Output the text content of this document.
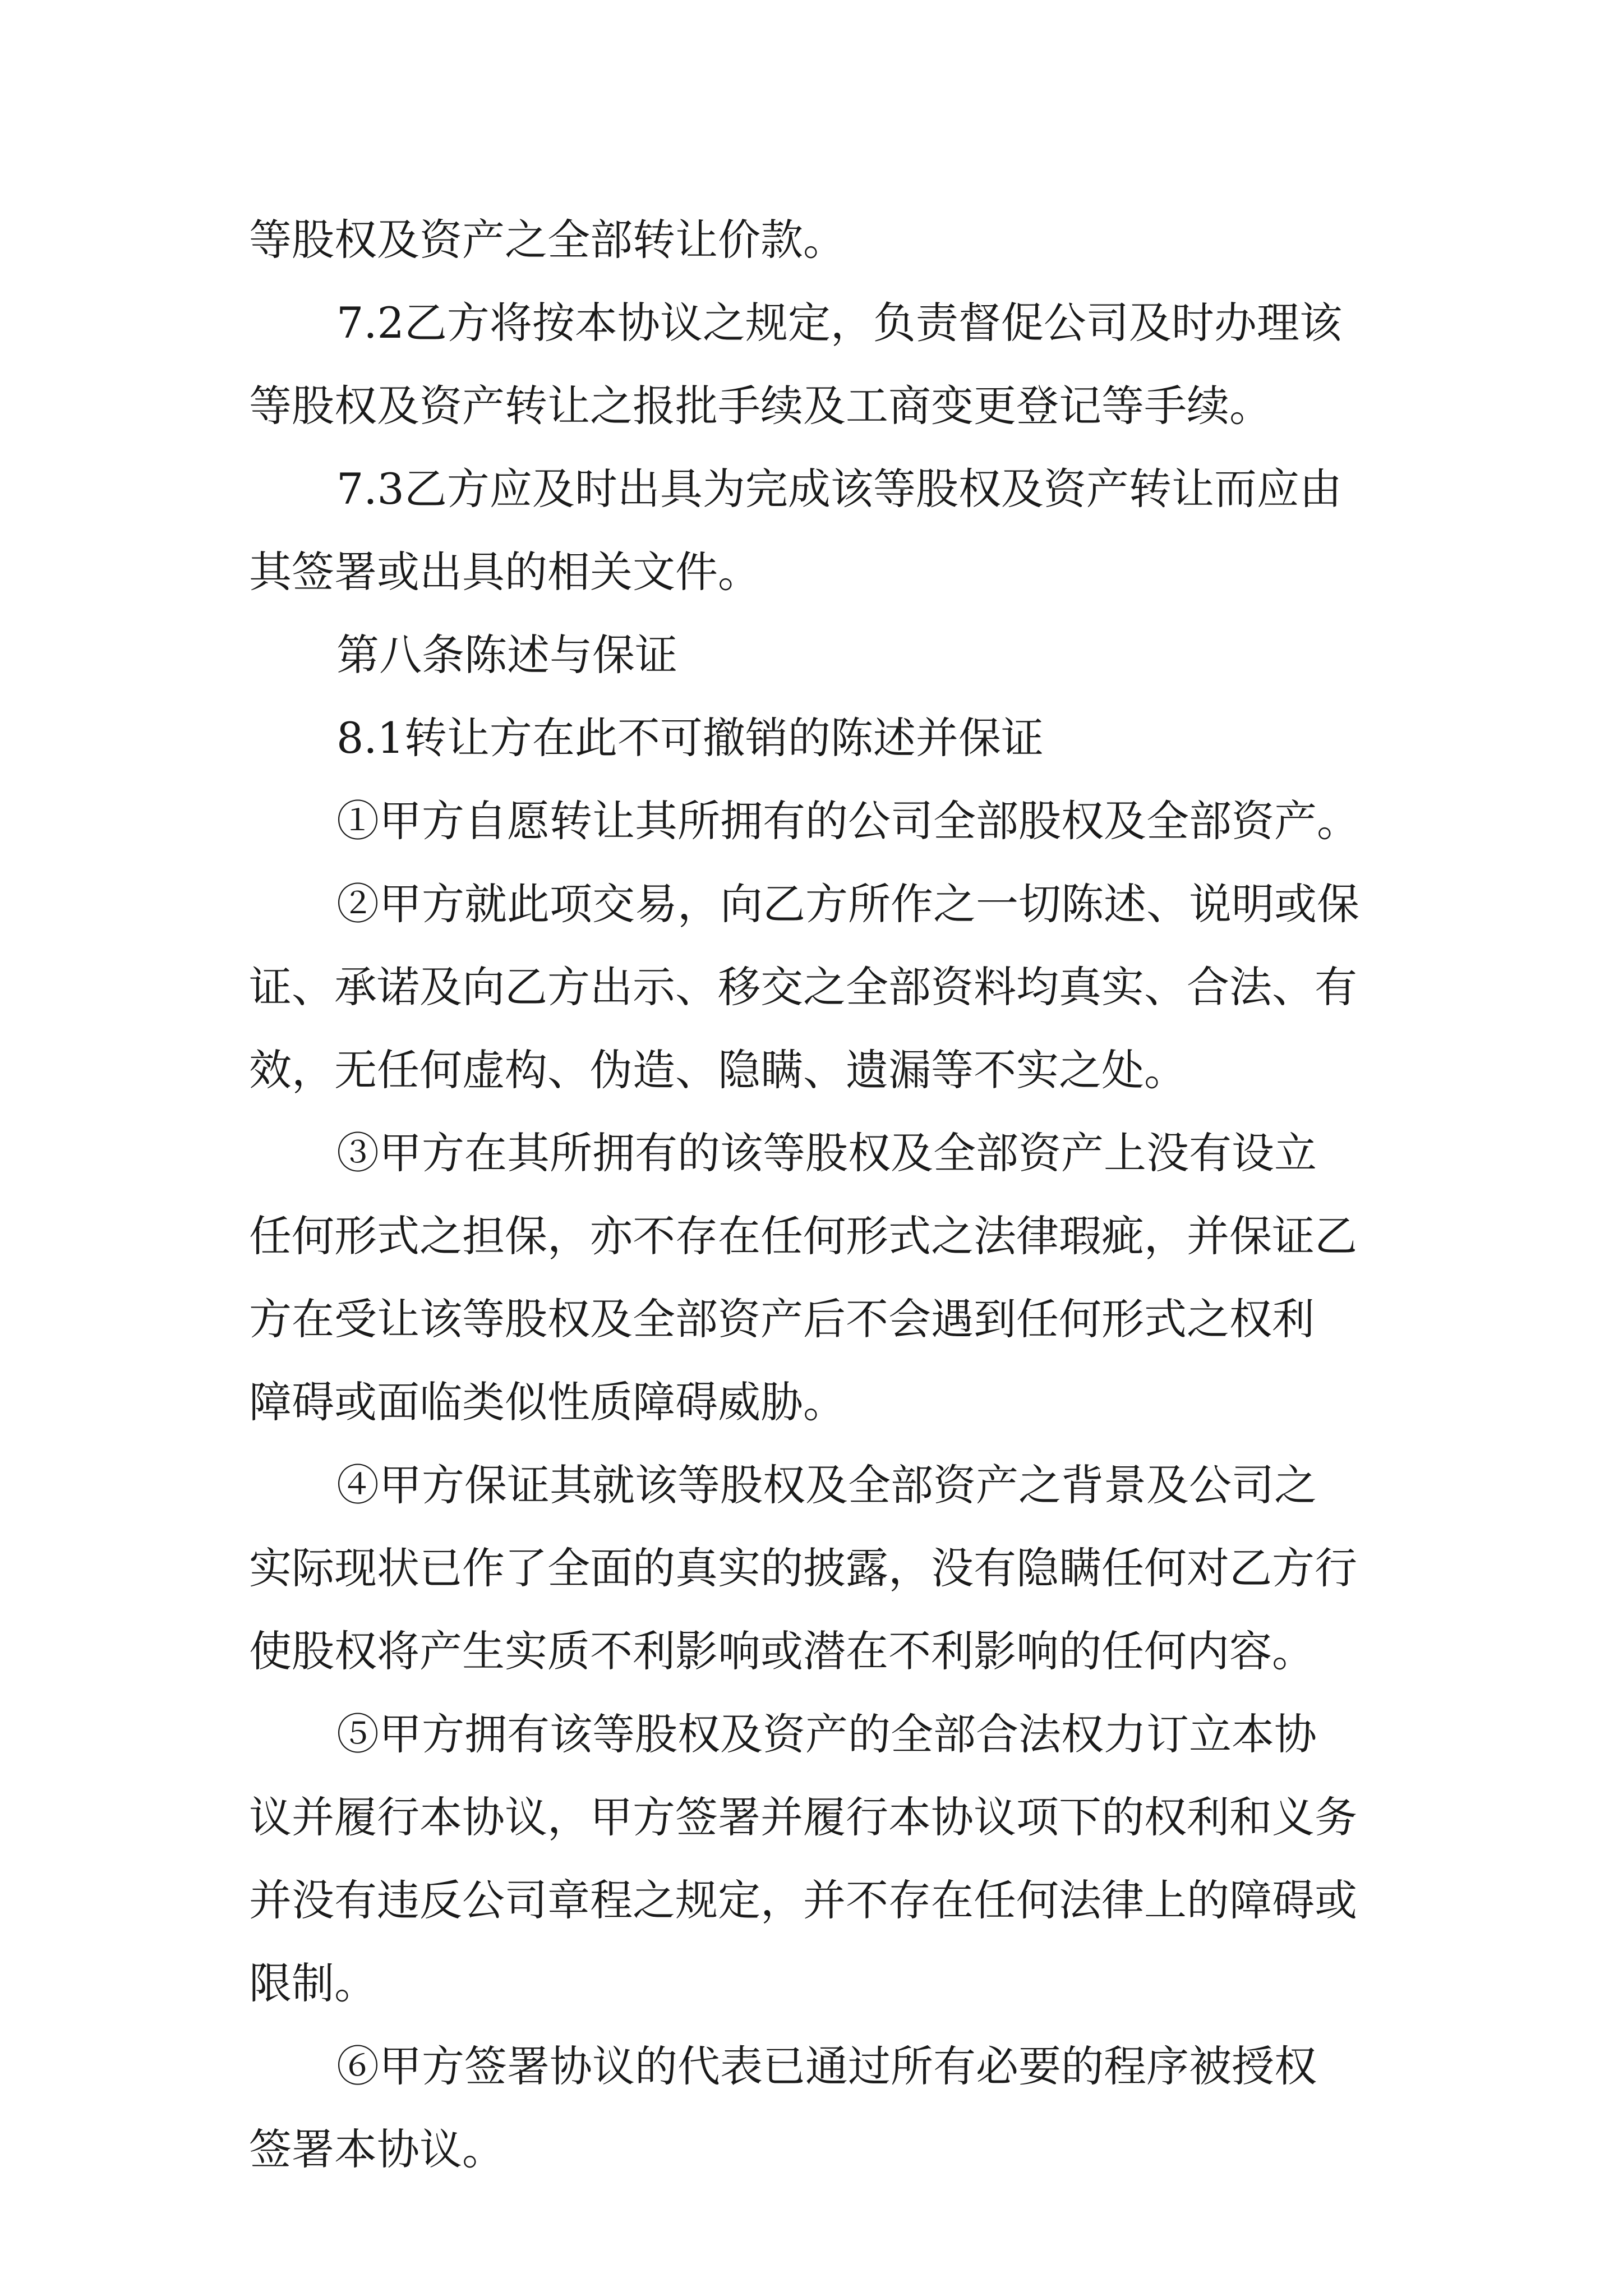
等股权及资产之全部转让价款。
7.2乙方将按本协议之规定，负责督促公司及时办理该
等股权及资产转让之报批手续及工商变更登记等手续。
7.3乙方应及时出具为完成该等股权及资产转让而应由
其签署或出具的相关文件。
第八条陈述与保证
8.1转让方在此不可撤销的陈述并保证
①甲方自愿转让其所拥有的公司全部股权及全部资产。
②甲方就此项交易，向乙方所作之一切陈述、说明或保
证、承诺及向乙方出示、移交之全部资料均真实、合法、有
效，无任何虚构、伪造、隐瞒、遗漏等不实之处。
③甲方在其所拥有的该等股权及全部资产上没有设立
任何形式之担保，亦不存在任何形式之法律瑕疵，并保证乙
方在受让该等股权及全部资产后不会遇到任何形式之权利
障碍或面临类似性质障碍威胁。
④甲方保证其就该等股权及全部资产之背景及公司之
实际现状已作了全面的真实的披露，没有隐瞒任何对乙方行
使股权将产生实质不利影响或潜在不利影响的任何内容。
⑤甲方拥有该等股权及资产的全部合法权力订立本协
议并履行本协议，甲方签署并履行本协议项下的权利和义务
并没有违反公司章程之规定，并不存在任何法律上的障碍或
限制。
⑥甲方签署协议的代表已通过所有必要的程序被授权
签署本协议。
